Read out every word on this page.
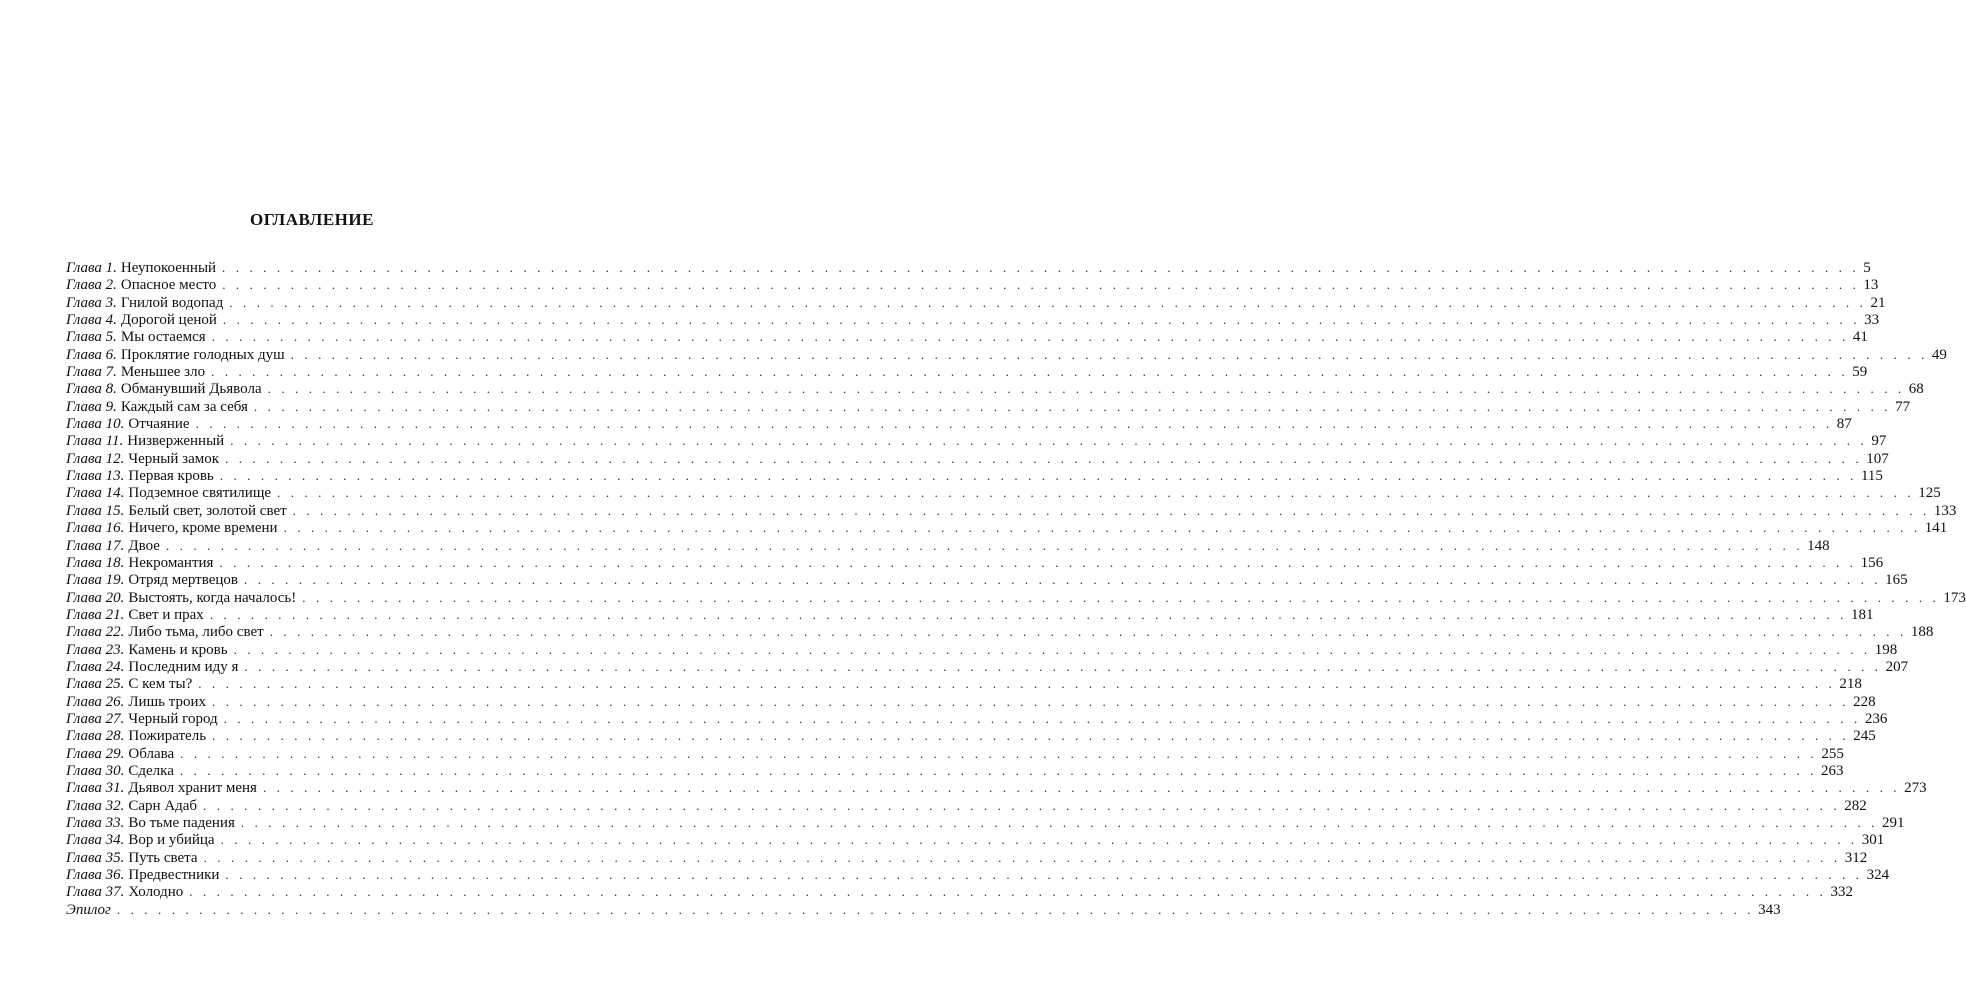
ОГЛАВЛЕНИЕ
Глава 1. Неупокоенный . . . . . . . . . . . . . . . . . . . . . . . . . . . . . . . . . . . . . . . . . . . . . . . . . . . . . . . . . . . . . . . . . . . . . . . . . . . . . . . . . . . . . . . . . . . . . . . . . . . . . . . . . . . . . . . . . . . . . . . . 5
Глава 2. Опасное место . . . . . . . . . . . . . . . . . . . . . . . . . . . . . . . . . . . . . . . . . . . . . . . . . . . . . . . . . . . . . . . . . . . . . . . . . . . . . . . . . . . . . . . . . . . . . . . . . . . . . . . . . . . . . . . . . . . . . . . . 13
Глава 3. Гнилой водопад . . . . . . . . . . . . . . . . . . . . . . . . . . . . . . . . . . . . . . . . . . . . . . . . . . . . . . . . . . . . . . . . . . . . . . . . . . . . . . . . . . . . . . . . . . . . . . . . . . . . . . . . . . . . . . . . . . . . . . . . 21
Глава 4. Дорогой ценой . . . . . . . . . . . . . . . . . . . . . . . . . . . . . . . . . . . . . . . . . . . . . . . . . . . . . . . . . . . . . . . . . . . . . . . . . . . . . . . . . . . . . . . . . . . . . . . . . . . . . . . . . . . . . . . . . . . . . . . . 33
Глава 5. Мы остаемся . . . . . . . . . . . . . . . . . . . . . . . . . . . . . . . . . . . . . . . . . . . . . . . . . . . . . . . . . . . . . . . . . . . . . . . . . . . . . . . . . . . . . . . . . . . . . . . . . . . . . . . . . . . . . . . . . . . . . . . . 41
Глава 6. Проклятие голодных душ . . . . . . . . . . . . . . . . . . . . . . . . . . . . . . . . . . . . . . . . . . . . . . . . . . . . . . . . . . . . . . . . . . . . . . . . . . . . . . . . . . . . . . . . . . . . . . . . . . . . . . . . . . . . . . . . . . . . . . . . 49
Глава 7. Меньшее зло . . . . . . . . . . . . . . . . . . . . . . . . . . . . . . . . . . . . . . . . . . . . . . . . . . . . . . . . . . . . . . . . . . . . . . . . . . . . . . . . . . . . . . . . . . . . . . . . . . . . . . . . . . . . . . . . . . . . . . . . 59
Глава 8. Обманувший Дьявола . . . . . . . . . . . . . . . . . . . . . . . . . . . . . . . . . . . . . . . . . . . . . . . . . . . . . . . . . . . . . . . . . . . . . . . . . . . . . . . . . . . . . . . . . . . . . . . . . . . . . . . . . . . . . . . . . . . . . . . . 68
Глава 9. Каждый сам за себя . . . . . . . . . . . . . . . . . . . . . . . . . . . . . . . . . . . . . . . . . . . . . . . . . . . . . . . . . . . . . . . . . . . . . . . . . . . . . . . . . . . . . . . . . . . . . . . . . . . . . . . . . . . . . . . . . . . . . . . . 77
Глава 10. Отчаяние . . . . . . . . . . . . . . . . . . . . . . . . . . . . . . . . . . . . . . . . . . . . . . . . . . . . . . . . . . . . . . . . . . . . . . . . . . . . . . . . . . . . . . . . . . . . . . . . . . . . . . . . . . . . . . . . . . . . . . . . 87
Глава 11. Низверженный . . . . . . . . . . . . . . . . . . . . . . . . . . . . . . . . . . . . . . . . . . . . . . . . . . . . . . . . . . . . . . . . . . . . . . . . . . . . . . . . . . . . . . . . . . . . . . . . . . . . . . . . . . . . . . . . . . . . . . . . 97
Глава 12. Черный замок . . . . . . . . . . . . . . . . . . . . . . . . . . . . . . . . . . . . . . . . . . . . . . . . . . . . . . . . . . . . . . . . . . . . . . . . . . . . . . . . . . . . . . . . . . . . . . . . . . . . . . . . . . . . . . . . . . . . . . . . 107
Глава 13. Первая кровь . . . . . . . . . . . . . . . . . . . . . . . . . . . . . . . . . . . . . . . . . . . . . . . . . . . . . . . . . . . . . . . . . . . . . . . . . . . . . . . . . . . . . . . . . . . . . . . . . . . . . . . . . . . . . . . . . . . . . . . . 115
Глава 14. Подземное святилище . . . . . . . . . . . . . . . . . . . . . . . . . . . . . . . . . . . . . . . . . . . . . . . . . . . . . . . . . . . . . . . . . . . . . . . . . . . . . . . . . . . . . . . . . . . . . . . . . . . . . . . . . . . . . . . . . . . . . . . . 125
Глава 15. Белый свет, золотой свет . . . . . . . . . . . . . . . . . . . . . . . . . . . . . . . . . . . . . . . . . . . . . . . . . . . . . . . . . . . . . . . . . . . . . . . . . . . . . . . . . . . . . . . . . . . . . . . . . . . . . . . . . . . . . . . . . . . . . . . . 133
Глава 16. Ничего, кроме времени . . . . . . . . . . . . . . . . . . . . . . . . . . . . . . . . . . . . . . . . . . . . . . . . . . . . . . . . . . . . . . . . . . . . . . . . . . . . . . . . . . . . . . . . . . . . . . . . . . . . . . . . . . . . . . . . . . . . . . . . 141
Глава 17. Двое . . . . . . . . . . . . . . . . . . . . . . . . . . . . . . . . . . . . . . . . . . . . . . . . . . . . . . . . . . . . . . . . . . . . . . . . . . . . . . . . . . . . . . . . . . . . . . . . . . . . . . . . . . . . . . . . . . . . . . . . 148
Глава 18. Некромантия . . . . . . . . . . . . . . . . . . . . . . . . . . . . . . . . . . . . . . . . . . . . . . . . . . . . . . . . . . . . . . . . . . . . . . . . . . . . . . . . . . . . . . . . . . . . . . . . . . . . . . . . . . . . . . . . . . . . . . . . 156
Глава 19. Отряд мертвецов . . . . . . . . . . . . . . . . . . . . . . . . . . . . . . . . . . . . . . . . . . . . . . . . . . . . . . . . . . . . . . . . . . . . . . . . . . . . . . . . . . . . . . . . . . . . . . . . . . . . . . . . . . . . . . . . . . . . . . . . 165
Глава 20. Выстоять, когда началось! . . . . . . . . . . . . . . . . . . . . . . . . . . . . . . . . . . . . . . . . . . . . . . . . . . . . . . . . . . . . . . . . . . . . . . . . . . . . . . . . . . . . . . . . . . . . . . . . . . . . . . . . . . . . . . . . . . . . . . . . 173
Глава 21. Свет и прах . . . . . . . . . . . . . . . . . . . . . . . . . . . . . . . . . . . . . . . . . . . . . . . . . . . . . . . . . . . . . . . . . . . . . . . . . . . . . . . . . . . . . . . . . . . . . . . . . . . . . . . . . . . . . . . . . . . . . . . . 181
Глава 22. Либо тьма, либо свет . . . . . . . . . . . . . . . . . . . . . . . . . . . . . . . . . . . . . . . . . . . . . . . . . . . . . . . . . . . . . . . . . . . . . . . . . . . . . . . . . . . . . . . . . . . . . . . . . . . . . . . . . . . . . . . . . . . . . . . . 188
Глава 23. Камень и кровь . . . . . . . . . . . . . . . . . . . . . . . . . . . . . . . . . . . . . . . . . . . . . . . . . . . . . . . . . . . . . . . . . . . . . . . . . . . . . . . . . . . . . . . . . . . . . . . . . . . . . . . . . . . . . . . . . . . . . . . . 198
Глава 24. Последним иду я . . . . . . . . . . . . . . . . . . . . . . . . . . . . . . . . . . . . . . . . . . . . . . . . . . . . . . . . . . . . . . . . . . . . . . . . . . . . . . . . . . . . . . . . . . . . . . . . . . . . . . . . . . . . . . . . . . . . . . . . 207
Глава 25. С кем ты? . . . . . . . . . . . . . . . . . . . . . . . . . . . . . . . . . . . . . . . . . . . . . . . . . . . . . . . . . . . . . . . . . . . . . . . . . . . . . . . . . . . . . . . . . . . . . . . . . . . . . . . . . . . . . . . . . . . . . . . . 218
Глава 26. Лишь троих . . . . . . . . . . . . . . . . . . . . . . . . . . . . . . . . . . . . . . . . . . . . . . . . . . . . . . . . . . . . . . . . . . . . . . . . . . . . . . . . . . . . . . . . . . . . . . . . . . . . . . . . . . . . . . . . . . . . . . . . 228
Глава 27. Черный город . . . . . . . . . . . . . . . . . . . . . . . . . . . . . . . . . . . . . . . . . . . . . . . . . . . . . . . . . . . . . . . . . . . . . . . . . . . . . . . . . . . . . . . . . . . . . . . . . . . . . . . . . . . . . . . . . . . . . . . . 236
Глава 28. Пожиратель . . . . . . . . . . . . . . . . . . . . . . . . . . . . . . . . . . . . . . . . . . . . . . . . . . . . . . . . . . . . . . . . . . . . . . . . . . . . . . . . . . . . . . . . . . . . . . . . . . . . . . . . . . . . . . . . . . . . . . . . 245
Глава 29. Облава . . . . . . . . . . . . . . . . . . . . . . . . . . . . . . . . . . . . . . . . . . . . . . . . . . . . . . . . . . . . . . . . . . . . . . . . . . . . . . . . . . . . . . . . . . . . . . . . . . . . . . . . . . . . . . . . . . . . . . . . 255
Глава 30. Сделка . . . . . . . . . . . . . . . . . . . . . . . . . . . . . . . . . . . . . . . . . . . . . . . . . . . . . . . . . . . . . . . . . . . . . . . . . . . . . . . . . . . . . . . . . . . . . . . . . . . . . . . . . . . . . . . . . . . . . . . . 263
Глава 31. Дьявол хранит меня . . . . . . . . . . . . . . . . . . . . . . . . . . . . . . . . . . . . . . . . . . . . . . . . . . . . . . . . . . . . . . . . . . . . . . . . . . . . . . . . . . . . . . . . . . . . . . . . . . . . . . . . . . . . . . . . . . . . . . . . 273
Глава 32. Сарн Адаб . . . . . . . . . . . . . . . . . . . . . . . . . . . . . . . . . . . . . . . . . . . . . . . . . . . . . . . . . . . . . . . . . . . . . . . . . . . . . . . . . . . . . . . . . . . . . . . . . . . . . . . . . . . . . . . . . . . . . . . . 282
Глава 33. Во тьме падения . . . . . . . . . . . . . . . . . . . . . . . . . . . . . . . . . . . . . . . . . . . . . . . . . . . . . . . . . . . . . . . . . . . . . . . . . . . . . . . . . . . . . . . . . . . . . . . . . . . . . . . . . . . . . . . . . . . . . . . . 291
Глава 34. Вор и убийца . . . . . . . . . . . . . . . . . . . . . . . . . . . . . . . . . . . . . . . . . . . . . . . . . . . . . . . . . . . . . . . . . . . . . . . . . . . . . . . . . . . . . . . . . . . . . . . . . . . . . . . . . . . . . . . . . . . . . . . . 301
Глава 35. Путь света . . . . . . . . . . . . . . . . . . . . . . . . . . . . . . . . . . . . . . . . . . . . . . . . . . . . . . . . . . . . . . . . . . . . . . . . . . . . . . . . . . . . . . . . . . . . . . . . . . . . . . . . . . . . . . . . . . . . . . . . 312
Глава 36. Предвестники . . . . . . . . . . . . . . . . . . . . . . . . . . . . . . . . . . . . . . . . . . . . . . . . . . . . . . . . . . . . . . . . . . . . . . . . . . . . . . . . . . . . . . . . . . . . . . . . . . . . . . . . . . . . . . . . . . . . . . . . 324
Глава 37. Холодно . . . . . . . . . . . . . . . . . . . . . . . . . . . . . . . . . . . . . . . . . . . . . . . . . . . . . . . . . . . . . . . . . . . . . . . . . . . . . . . . . . . . . . . . . . . . . . . . . . . . . . . . . . . . . . . . . . . . . . . . 332
Эпилог . . . . . . . . . . . . . . . . . . . . . . . . . . . . . . . . . . . . . . . . . . . . . . . . . . . . . . . . . . . . . . . . . . . . . . . . . . . . . . . . . . . . . . . . . . . . . . . . . . . . . . . . . . . . . . . . . . . . . . . . 343
